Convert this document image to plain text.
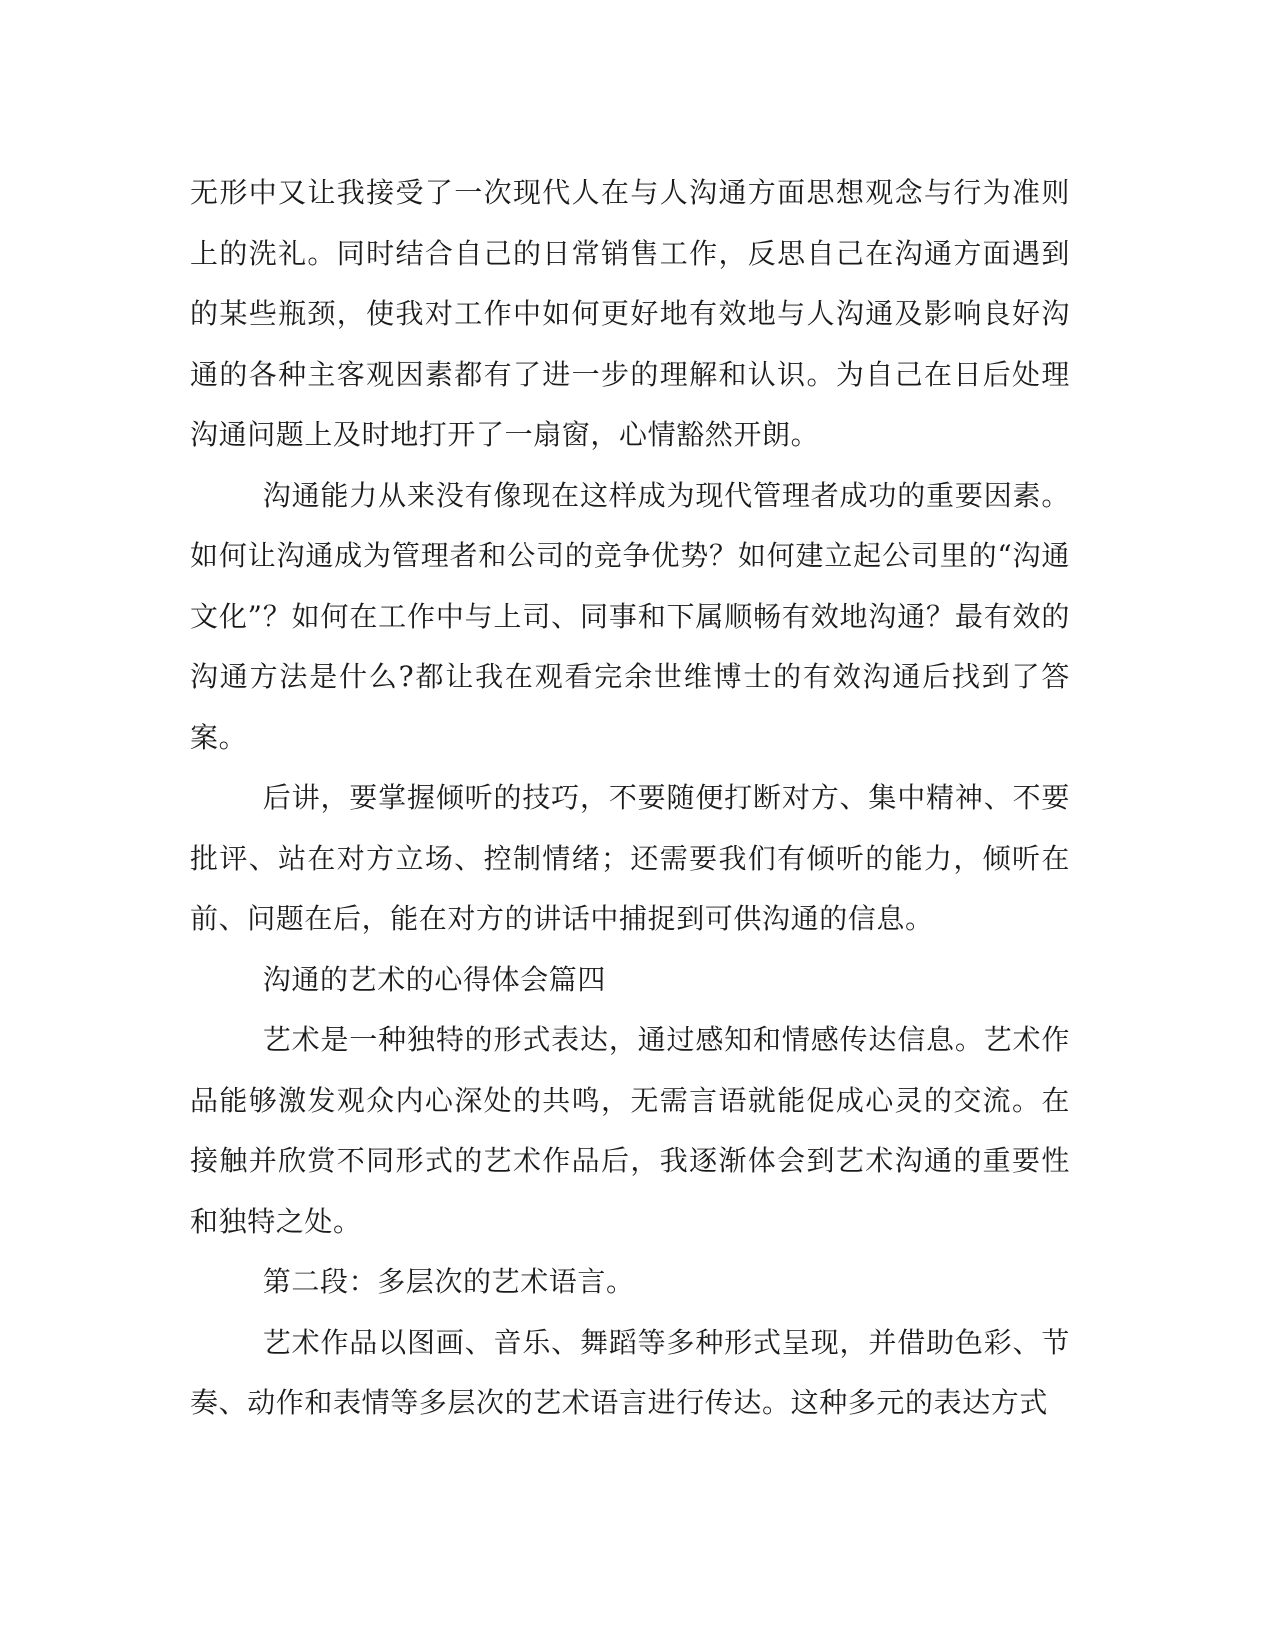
无形中又让我接受了一次现代人在与人沟通方面思想观念与行为准则上的洗礼。同时结合自己的日常销售工作，反思自己在沟通方面遇到的某些瓶颈，使我对工作中如何更好地有效地与人沟通及影响良好沟通的各种主客观因素都有了进一步的理解和认识。为自己在日后处理沟通问题上及时地打开了一扇窗，心情豁然开朗。

沟通能力从来没有像现在这样成为现代管理者成功的重要因素。如何让沟通成为管理者和公司的竞争优势？如何建立起公司里的“沟通文化”？如何在工作中与上司、同事和下属顺畅有效地沟通？最有效的沟通方法是什么?都让我在观看完余世维博士的有效沟通后找到了答案。

后讲，要掌握倾听的技巧，不要随便打断对方、集中精神、不要批评、站在对方立场、控制情绪；还需要我们有倾听的能力，倾听在前、问题在后，能在对方的讲话中捕捉到可供沟通的信息。

沟通的艺术的心得体会篇四

艺术是一种独特的形式表达，通过感知和情感传达信息。艺术作品能够激发观众内心深处的共鸣，无需言语就能促成心灵的交流。在接触并欣赏不同形式的艺术作品后，我逐渐体会到艺术沟通的重要性和独特之处。

第二段：多层次的艺术语言。

艺术作品以图画、音乐、舞蹈等多种形式呈现，并借助色彩、节奏、动作和表情等多层次的艺术语言进行传达。这种多元的表达方式
